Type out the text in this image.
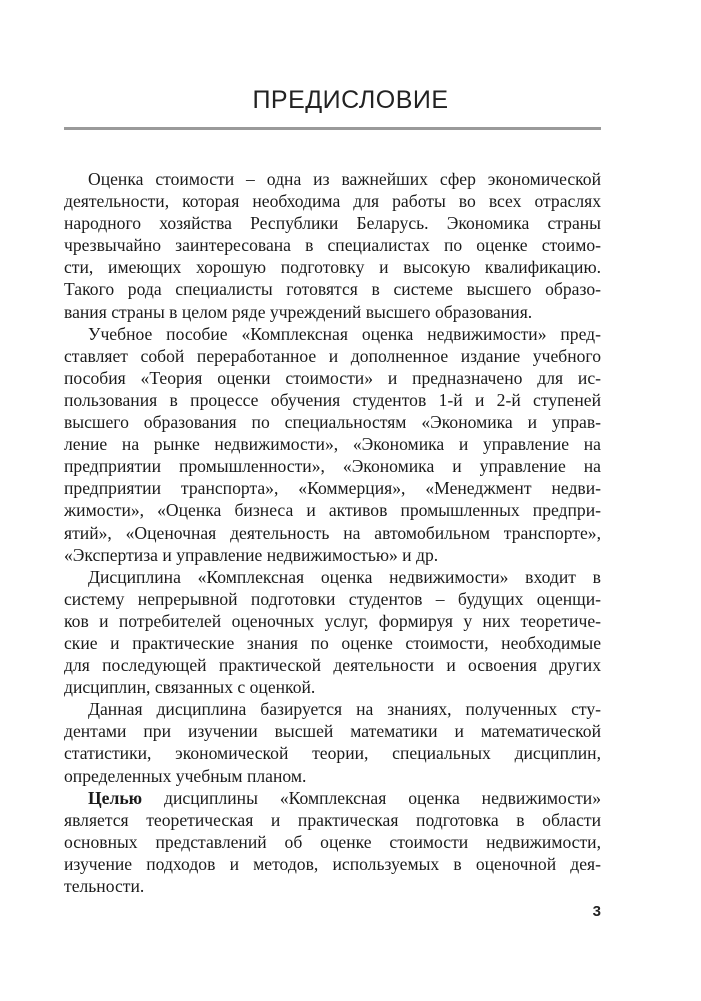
ПРЕДИСЛОВИЕ
Оценка стоимости – одна из важнейших сфер экономической
деятельности, которая необходима для работы во всех отраслях
народного хозяйства Республики Беларусь. Экономика страны
чрезвычайно заинтересована в специалистах по оценке стоимо-
сти, имеющих хорошую подготовку и высокую квалификацию.
Такого рода специалисты готовятся в системе высшего образо-
вания страны в целом ряде учреждений высшего образования.
Учебное пособие «Комплексная оценка недвижимости» пред-
ставляет собой переработанное и дополненное издание учебного
пособия «Теория оценки стоимости» и предназначено для ис-
пользования в процессе обучения студентов 1-й и 2-й ступеней
высшего образования по специальностям «Экономика и управ-
ление на рынке недвижимости», «Экономика и управление на
предприятии промышленности», «Экономика и управление на
предприятии транспорта», «Коммерция», «Менеджмент недви-
жимости», «Оценка бизнеса и активов промышленных предпри-
ятий», «Оценочная деятельность на автомобильном транспорте»,
«Экспертиза и управление недвижимостью» и др.
Дисциплина «Комплексная оценка недвижимости» входит в
систему непрерывной подготовки студентов – будущих оценщи-
ков и потребителей оценочных услуг, формируя у них теоретиче-
ские и практические знания по оценке стоимости, необходимые
для последующей практической деятельности и освоения других
дисциплин, связанных с оценкой.
Данная дисциплина базируется на знаниях, полученных сту-
дентами при изучении высшей математики и математической
статистики, экономической теории, специальных дисциплин,
определенных учебным планом.
Целью дисциплины «Комплексная оценка недвижимости»
является теоретическая и практическая подготовка в области
основных представлений об оценке стоимости недвижимости,
изучение подходов и методов, используемых в оценочной дея-
тельности.
3
